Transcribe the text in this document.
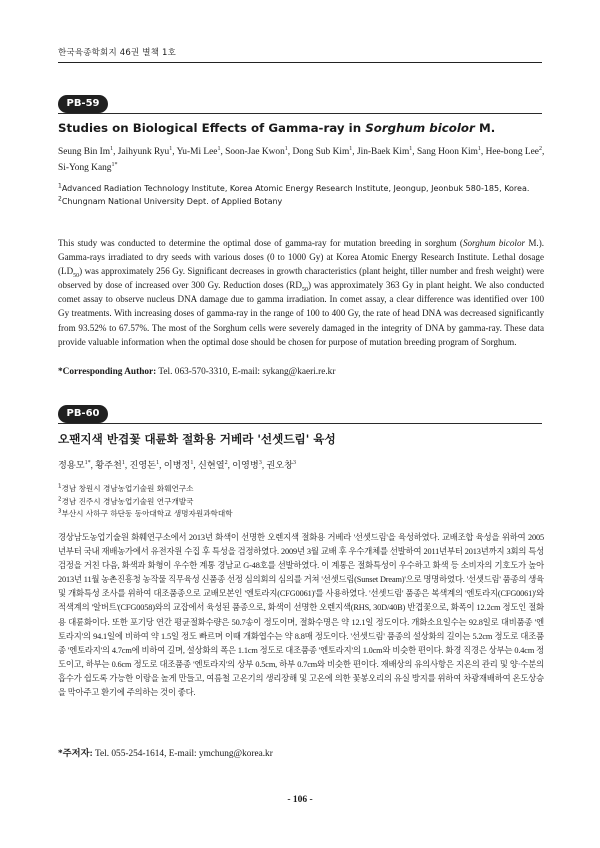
한국육종학회지 46권 별책 1호
PB-59
Studies on Biological Effects of Gamma-ray in Sorghum bicolor M.
Seung Bin Im$^1$, Jaihyunk Ryu$^1$, Yu-Mi Lee$^1$, Soon-Jae Kwon$^1$, Dong Sub Kim$^1$, Jin-Baek Kim$^1$, Sang Hoon Kim$^1$, Hee-bong Lee$^2$, Si-Yong Kang$^{1*}$
$^1$Advanced Radiation Technology Institute, Korea Atomic Energy Research Institute, Jeongup, Jeonbuk 580-185, Korea.
$^2$Chungnam National University Dept. of Applied Botany
This study was conducted to determine the optimal dose of gamma-ray for mutation breeding in sorghum (Sorghum bicolor M.). Gamma-rays irradiated to dry seeds with various doses (0 to 1000 Gy) at Korea Atomic Energy Research Institute. Lethal dosage $(LD_{50})$ was approximately 256 Gy. Significant decreases in growth characteristics (plant height, tiller number and fresh weight) were observed by dose of increased over 300 Gy. Reduction doses $(RD_{50})$ was approximately 363 Gy in plant height. We also conducted comet assay to observe nucleus DNA damage due to gamma irradiation. In comet assay, a clear difference was identified over 100 Gy treatments. With increasing doses of gamma-ray in the range of 100 to 400 Gy, the rate of head DNA was decreased significantly from 93.52% to 67.57%. The most of the Sorghum cells were severely damaged in the integrity of DNA by gamma-ray. These data provide valuable information when the optimal dose should be chosen for purpose of mutation breeding program of Sorghum.
*Corresponding Author: Tel. 063-570-3310, E-mail: sykang@kaeri.re.kr
PB-60
오팬지색 반겹꽃 대륜화 절화용 거베라 '선셋드림' 육성
정용모$^{1*}$, 황주천$^1$, 진영돈$^1$, 이병정$^1$, 신현열$^2$, 이영병$^3$, 권오창$^3$
$^1$경남 창원시 경남농업기술원 화훼연구소
$^2$경남 진주시 경남농업기술원 연구개발국
$^3$부산시 사하구 하단동 동아대학교 생명자원과학대학
경상남도농업기술원 화훼연구소에서 2013년 화색이 선명한 오렌지색 절화용 거베라 '선셋드림'을 육성하였다. 교배조합 육성을 위하여 2005년부터 국내 재배농가에서 유전자원 수집 후 특성을 검정하였다. 2009년 3월 교배 후 우수개체를 선발하여 2011년부터 2013년까지 3회의 특성검정을 거친 다음, 화색과 화형이 우수한 계통 경남교 G-48호를 선발하였다. 이 계통은 절화특성이 우수하고 화색 등 소비자의 기호도가 높아 2013년 11월 농촌진흥청 농작물 직무육성 신품종 선정 심의회의 심의를 거쳐 '선셋드림(Sunset Dream)'으로 명명하였다. '선셋드림' 품종의 생육 및 개화특성 조사를 위하여 대조품종으로 교배모본인 '엔토라지(CFG0061)'를 사용하였다. '선셋드림' 품종은 복색계의 '엔토라지(CFG0061)'와 적색계의 '알버트'(CFG0058)와의 교잡에서 육성된 품종으로, 화색이 선명한 오렌지색(RHS, 30D/40B) 반겹꽃으로, 화폭이 12.2cm 정도인 절화용 대륜화이다. 또한 포기당 연간 평균절화수량은 50.7송이 정도이며, 절화수명은 약 12.1일 정도이다. 개화소요일수는 92.8일로 대비품종 '엔토라지'의 94.1일에 비하여 약 1.5일 정도 빠르며 이때 개화엽수는 약 8.8매 정도이다. '선셋드림' 품종의 설상화의 길이는 5.2cm 정도로 대조품종 '엔토라지'의 4.7cm에 비하여 길며, 설상화의 폭은 1.1cm 정도로 대조품종 '엔토라지'의 1.0cm와 비슷한 편이다. 화경 직경은 상부는 0.4cm 정도이고, 하부는 0.6cm 정도로 대조품종 '엔토라지'의 상부 0.5cm, 하부 0.7cm와 비슷한 편이다. 재배상의 유의사항은 지온의 관리 및 양·수분의 흡수가 쉽도록 가능한 이랑을 높게 만들고, 여름철 고온기의 생리장해 및 고온에 의한 꽃봉오리의 유실 방지를 위하여 차광재배하여 온도상승을 막아주고 환기에 주의하는 것이 좋다.
*주저자: Tel. 055-254-1614, E-mail: ymchung@korea.kr
- 106 -
